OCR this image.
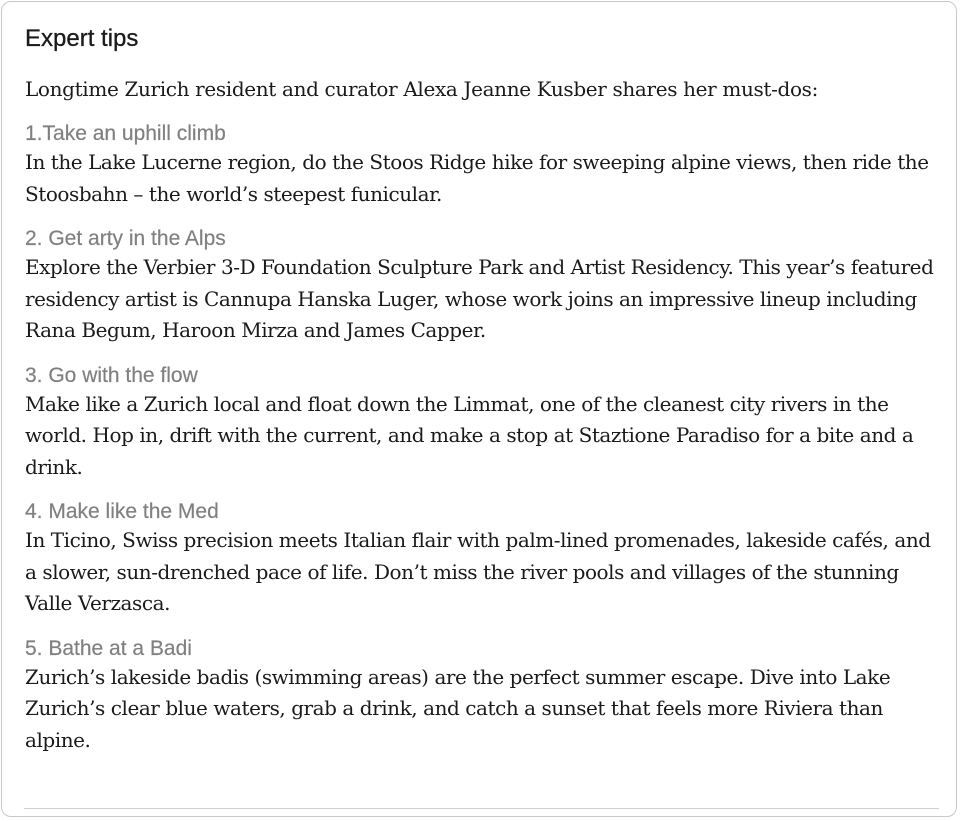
Expert tips

Longtime Zurich resident and curator Alexa Jeanne Kusber shares her must-dos:

1.Take an uphill climb

In the Lake Lucerne region, do the Stoos Ridge hike for sweeping alpine views, then ride the Stoosbahn – the world’s steepest funicular.

2. Get arty in the Alps

Explore the Verbier 3-D Foundation Sculpture Park and Artist Residency. This year’s featured residency artist is Cannupa Hanska Luger, whose work joins an impressive lineup including Rana Begum, Haroon Mirza and James Capper.

3. Go with the flow

Make like a Zurich local and float down the Limmat, one of the cleanest city rivers in the world. Hop in, drift with the current, and make a stop at Staztione Paradiso for a bite and a drink.

4. Make like the Med

In Ticino, Swiss precision meets Italian flair with palm-lined promenades, lakeside cafés, and a slower, sun-drenched pace of life. Don’t miss the river pools and villages of the stunning Valle Verzasca.

5. Bathe at a Badi

Zurich’s lakeside badis (swimming areas) are the perfect summer escape. Dive into Lake Zurich’s clear blue waters, grab a drink, and catch a sunset that feels more Riviera than alpine.
